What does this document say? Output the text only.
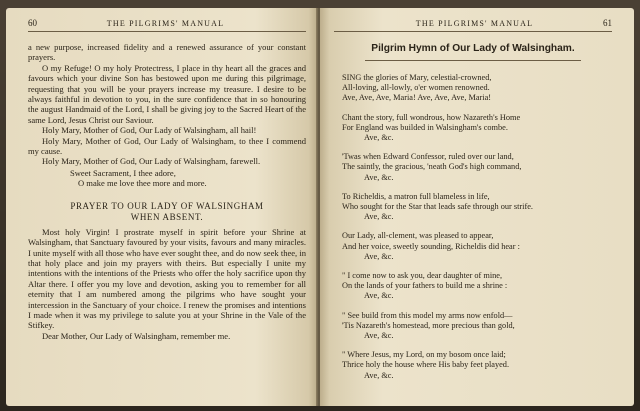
60	THE PILGRIMS' MANUAL

a new purpose, increased fidelity and a renewed assurance of your constant prayers.

O my Refuge! O my holy Protectress, I place in thy heart all the graces and favours which your divine Son has bestowed upon me during this pilgrimage, requesting that you will be your prayers increase my treasure. I desire to be always faithful in devotion to you, in the sure confidence that in so honouring the august Handmaid of the Lord, I shall be giving joy to the Sacred Heart of the same Lord, Jesus Christ our Saviour.

Holy Mary, Mother of God, Our Lady of Walsingham, all hail!

Holy Mary, Mother of God, Our Lady of Walsingham, to thee I commend my cause.

Holy Mary, Mother of God, Our Lady of Walsingham, farewell.

Sweet Sacrament, I thee adore,

O make me love thee more and more.

PRAYER TO OUR LADY OF WALSINGHAM
WHEN ABSENT.

Most holy Virgin! I prostrate myself in spirit before your Shrine at Walsingham, that Sanctuary favoured by your visits, favours and many miracles. I unite myself with all those who have ever sought thee, and do now seek thee, in that holy place and join my prayers with theirs. But especially I unite my intentions with the intentions of the Priests who offer the holy sacrifice upon thy Altar there. I offer you my love and devotion, asking you to remember for all eternity that I am numbered among the pilgrims who have sought your intercession in the Sanctuary of your choice. I renew the promises and intentions I made when it was my privilege to salute you at your Shrine in the Vale of the Stifkey.

Dear Mother, Our Lady of Walsingham, remember me.

THE PILGRIMS' MANUAL	61
Pilgrim Hymn of Our Lady of Walsingham.
SING the glories of Mary, celestial-crowned,
All-loving, all-lowly, o'er women renowned.
Ave, Ave, Ave, Maria! Ave, Ave, Ave, Maria!
Chant the story, full wondrous, how Nazareth's Home
For England was builded in Walsingham's combe.
Ave, &c.
'Twas when Edward Confessor, ruled over our land,
The saintly, the gracious, 'neath God's high command,
Ave, &c.
To Richeldis, a matron full blameless in life,
Who sought for the Star that leads safe through our strife.
Ave, &c.
Our Lady, all-clement, was pleased to appear,
And her voice, sweetly sounding, Richeldis did hear :
Ave, &c.
" I come now to ask you, dear daughter of mine,
On the lands of your fathers to build me a shrine :
Ave, &c.
" See build from this model my arms now enfold—
'Tis Nazareth's homestead, more precious than gold,
Ave, &c.
" Where Jesus, my Lord, on my bosom once laid;
Thrice holy the house where His baby feet played.
Ave, &c.
